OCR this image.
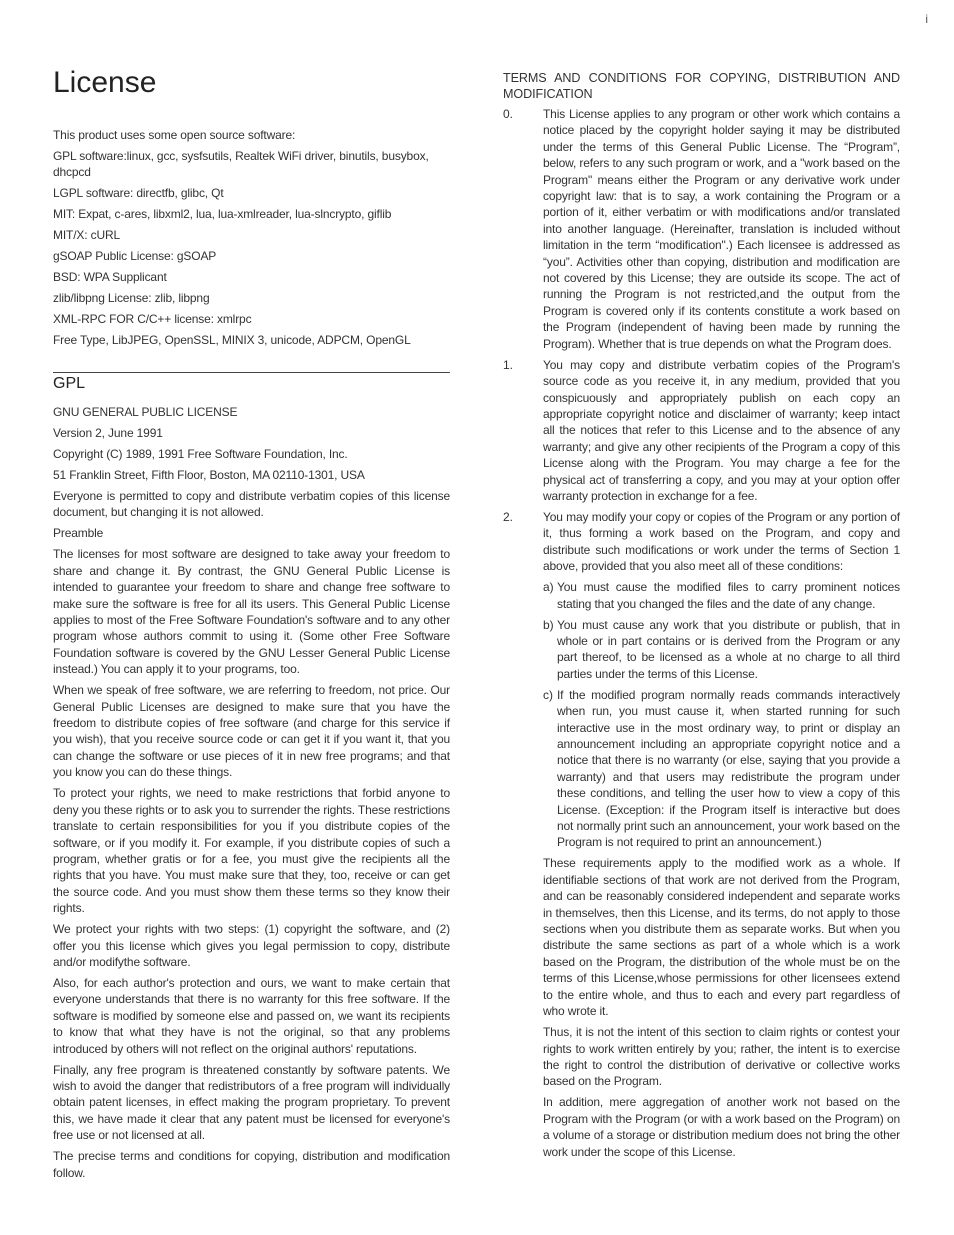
i
License

This product uses some open source software:

GPL software:linux, gcc, sysfsutils, Realtek WiFi driver, binutils, busybox, dhcpcd

LGPL software: directfb, glibc, Qt

MIT: Expat, c-ares, libxml2, lua, lua-xmlreader, lua-slncrypto, giflib

MIT/X: cURL

gSOAP Public License: gSOAP

BSD: WPA Supplicant

zlib/libpng License: zlib, libpng

XML-RPC FOR C/C++ license: xmlrpc

Free Type, LibJPEG, OpenSSL, MINIX 3, unicode, ADPCM, OpenGL

GPL

GNU GENERAL PUBLIC LICENSE

Version 2, June 1991

Copyright (C) 1989, 1991 Free Software Foundation, Inc.

51 Franklin Street, Fifth Floor, Boston, MA 02110-1301, USA

Everyone is permitted to copy and distribute verbatim copies of this license document, but changing it is not allowed.

Preamble

The licenses for most software are designed to take away your freedom to share and change it. By contrast, the GNU General Public License is intended to guarantee your freedom to share and change free software to make sure the software is free for all its users. This General Public License applies to most of the Free Software Foundation's software and to any other program whose authors commit to using it. (Some other Free Software Foundation software is covered by the GNU Lesser General Public License instead.) You can apply it to your programs, too.

When we speak of free software, we are referring to freedom, not price. Our General Public Licenses are designed to make sure that you have the freedom to distribute copies of free software (and charge for this service if you wish), that you receive source code or can get it if you want it, that you can change the software or use pieces of it in new free programs; and that you know you can do these things.

To protect your rights, we need to make restrictions that forbid anyone to deny you these rights or to ask you to surrender the rights. These restrictions translate to certain responsibilities for you if you distribute copies of the software, or if you modify it. For example, if you distribute copies of such a program, whether gratis or for a fee, you must give the recipients all the rights that you have. You must make sure that they, too, receive or can get the source code. And you must show them these terms so they know their rights.

We protect your rights with two steps: (1) copyright the software, and (2) offer you this license which gives you legal permission to copy, distribute and/or modifythe software.

Also, for each author's protection and ours, we want to make certain that everyone understands that there is no warranty for this free software. If the software is modified by someone else and passed on, we want its recipients to know that what they have is not the original, so that any problems introduced by others will not reflect on the original authors' reputations.

Finally, any free program is threatened constantly by software patents. We wish to avoid the danger that redistributors of a free program will individually obtain patent licenses, in effect making the program proprietary. To prevent this, we have made it clear that any patent must be licensed for everyone's free use or not licensed at all.

The precise terms and conditions for copying, distribution and modification follow.

TERMS AND CONDITIONS FOR COPYING, DISTRIBUTION AND MODIFICATION

0. This License applies to any program or other work which contains a notice placed by the copyright holder saying it may be distributed under the terms of this General Public License. The “Program”, below, refers to any such program or work, and a "work based on the Program" means either the Program or any derivative work under copyright law: that is to say, a work containing the Program or a portion of it, either verbatim or with modifications and/or translated into another language. (Hereinafter, translation is included without limitation in the term “modification".) Each licensee is addressed as “you”. Activities other than copying, distribution and modification are not covered by this License; they are outside its scope. The act of running the Program is not restricted,and the output from the Program is covered only if its contents constitute a work based on the Program (independent of having been made by running the Program). Whether that is true depends on what the Program does.

1. You may copy and distribute verbatim copies of the Program's source code as you receive it, in any medium, provided that you conspicuously and appropriately publish on each copy an appropriate copyright notice and disclaimer of warranty; keep intact all the notices that refer to this License and to the absence of any warranty; and give any other recipients of the Program a copy of this License along with the Program. You may charge a fee for the physical act of transferring a copy, and you may at your option offer warranty protection in exchange for a fee.

2. You may modify your copy or copies of the Program or any portion of it, thus forming a work based on the Program, and copy and distribute such modifications or work under the terms of Section 1 above, provided that you also meet all of these conditions:

a) You must cause the modified files to carry prominent notices stating that you changed the files and the date of any change.

b) You must cause any work that you distribute or publish, that in whole or in part contains or is derived from the Program or any part thereof, to be licensed as a whole at no charge to all third parties under the terms of this License.

c) If the modified program normally reads commands interactively when run, you must cause it, when started running for such interactive use in the most ordinary way, to print or display an announcement including an appropriate copyright notice and a notice that there is no warranty (or else, saying that you provide a warranty) and that users may redistribute the program under these conditions, and telling the user how to view a copy of this License. (Exception: if the Program itself is interactive but does not normally print such an announcement, your work based on the Program is not required to print an announcement.)

These requirements apply to the modified work as a whole. If identifiable sections of that work are not derived from the Program, and can be reasonably considered independent and separate works in themselves, then this License, and its terms, do not apply to those sections when you distribute them as separate works. But when you distribute the same sections as part of a whole which is a work based on the Program, the distribution of the whole must be on the terms of this License,whose permissions for other licensees extend to the entire whole, and thus to each and every part regardless of who wrote it.

Thus, it is not the intent of this section to claim rights or contest your rights to work written entirely by you; rather, the intent is to exercise the right to control the distribution of derivative or collective works based on the Program.

In addition, mere aggregation of another work not based on the Program with the Program (or with a work based on the Program) on a volume of a storage or distribution medium does not bring the other work under the scope of this License.
